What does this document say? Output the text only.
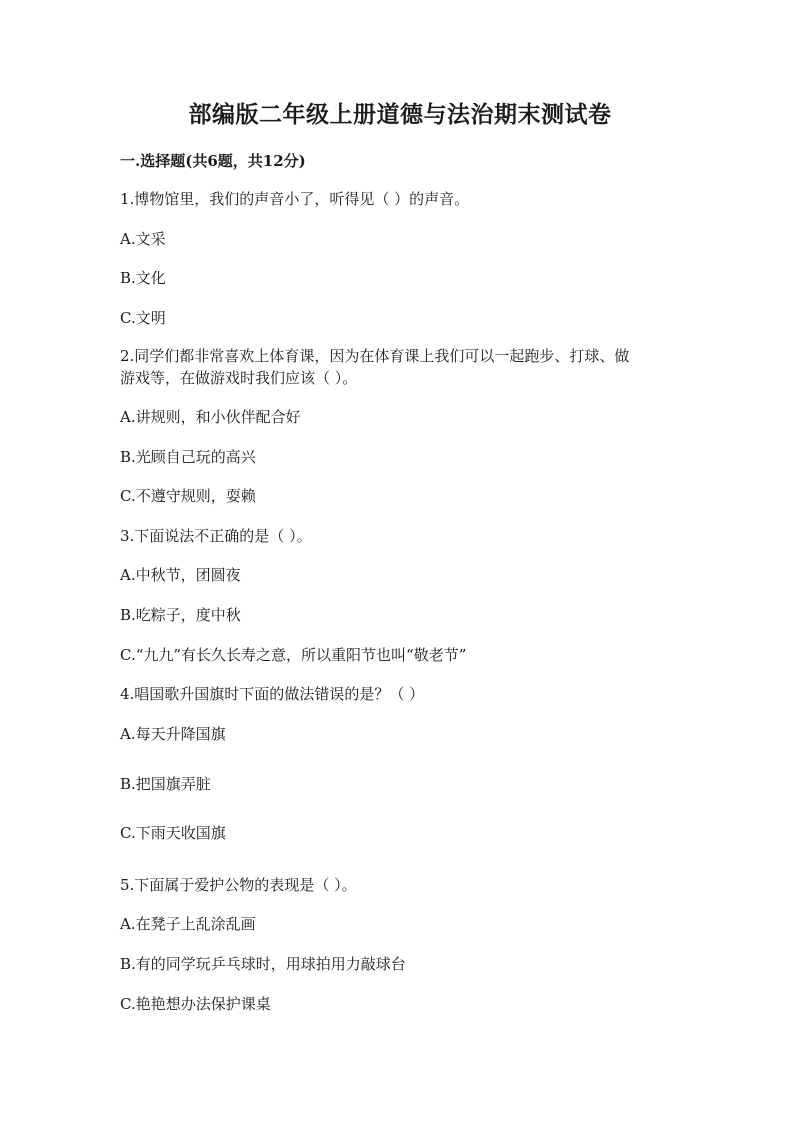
部编版二年级上册道德与法治期末测试卷
一.选择题(共6题，共12分)
1.博物馆里，我们的声音小了，听得见（ ）的声音。
A.文采
B.文化
C.文明
2.同学们都非常喜欢上体育课，因为在体育课上我们可以一起跑步、打球、做
游戏等，在做游戏时我们应该（ ）。
A.讲规则，和小伙伴配合好
B.光顾自己玩的高兴
C.不遵守规则，耍赖
3.下面说法不正确的是（ ）。
A.中秋节，团圆夜
B.吃粽子，度中秋
C.“九九”有长久长寿之意，所以重阳节也叫“敬老节”
4.唱国歌升国旗时下面的做法错误的是？（ ）
A.每天升降国旗
B.把国旗弄脏
C.下雨天收国旗
5.下面属于爱护公物的表现是（ ）。
A.在凳子上乱涂乱画
B.有的同学玩乒乓球时，用球拍用力敲球台
C.艳艳想办法保护课桌
